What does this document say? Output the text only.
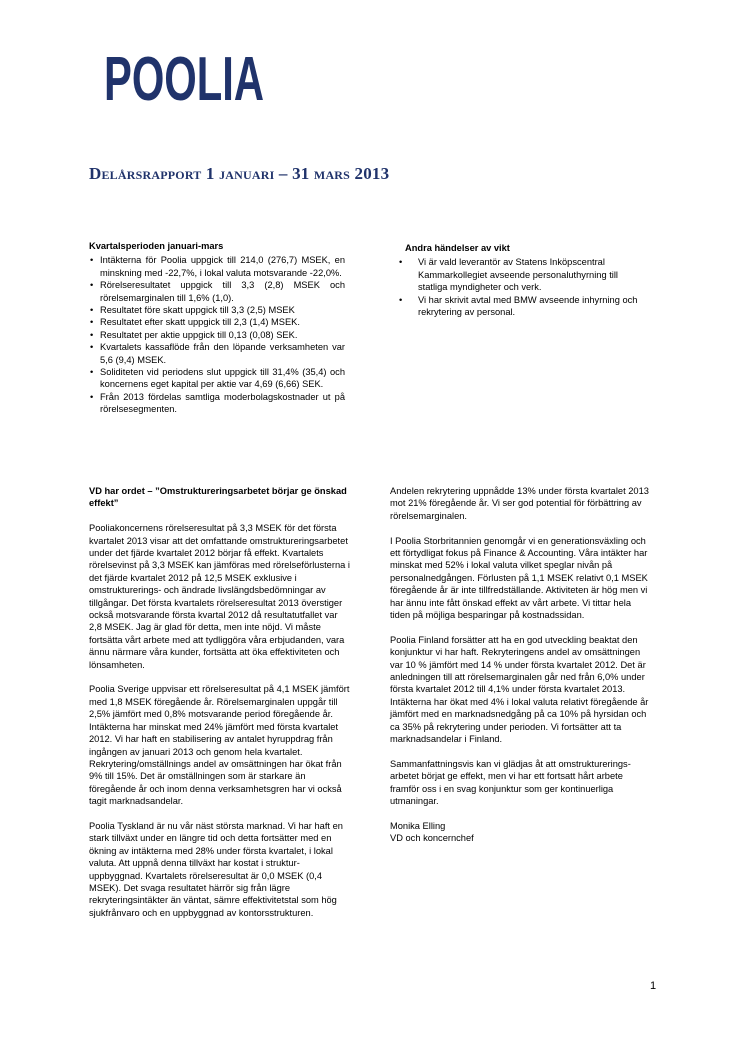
POOLIA
Delårsrapport 1 januari – 31 mars 2013
Kvartalsperioden januari-mars
• Intäkterna för Poolia uppgick till 214,0 (276,7) MSEK, en minskning med -22,7%, i lokal valuta motsvarande -22,0%.
• Rörelseresultatet uppgick till 3,3 (2,8) MSEK och rörelsemarginalen till 1,6% (1,0).
• Resultatet före skatt uppgick till 3,3 (2,5) MSEK
• Resultatet efter skatt uppgick till 2,3 (1,4) MSEK.
• Resultatet per aktie uppgick till 0,13 (0,08) SEK.
• Kvartalets kassaflöde från den löpande verksamheten var 5,6 (9,4) MSEK.
• Soliditeten vid periodens slut uppgick till 31,4% (35,4) och koncernens eget kapital per aktie var 4,69 (6,66) SEK.
• Från 2013 fördelas samtliga moderbolagskostnader ut på rörelsesegmenten.
Andra händelser av vikt
• Vi är vald leverantör av Statens Inköpscentral Kammarkollegiet avseende personaluthyrning till statliga myndigheter och verk.
• Vi har skrivit avtal med BMW avseende inhyrning och rekrytering av personal.
VD har ordet – ”Omstruktureringsarbetet börjar ge önskad effekt”

Pooliakoncernens rörelseresultat på 3,3 MSEK för det första kvartalet 2013 visar att det omfattande omstruktureringsarbetet under det fjärde kvartalet 2012 börjar få effekt. Kvartalets rörelsevinst på 3,3 MSEK kan jämföras med rörelseförlusterna i det fjärde kvartalet 2012 på 12,5 MSEK exklusive i omstrukturerings- och ändrade livslängdsbedömningar av tillgångar. Det första kvartalets rörelseresultat 2013 överstiger också motsvarande första kvartal 2012 då resultatutfallet var 2,8 MSEK. Jag är glad för detta, men inte nöjd. Vi måste fortsätta vårt arbete med att tydliggöra våra erbjudanden, vara ännu närmare våra kunder, fortsätta att öka effektiviteten och lönsamheten.

Poolia Sverige uppvisar ett rörelseresultat på 4,1 MSEK jämfört med 1,8 MSEK föregående år. Rörelsemarginalen uppgår till 2,5% jämfört med 0,8% motsvarande period föregående år. Intäkterna har minskat med 24% jämfört med första kvartalet 2012. Vi har haft en stabilisering av antalet hyruppdrag från ingången av januari 2013 och genom hela kvartalet. Rekrytering/omställnings andel av omsättningen har ökat från 9% till 15%. Det är omställningen som är starkare än föregående år och inom denna verksamhetsgren har vi också tagit marknadsandelar.

Poolia Tyskland är nu vår näst största marknad. Vi har haft en stark tillväxt under en längre tid och detta fortsätter med en ökning av intäkterna med 28% under första kvartalet, i lokal valuta. Att uppnå denna tillväxt har kostat i struktur-uppbyggnad. Kvartalets rörelseresultat är 0,0 MSEK (0,4 MSEK). Det svaga resultatet härrör sig från lägre rekryteringsintäkter än väntat, sämre effektivitetstal som hög sjukfrånvaro och en uppbyggnad av kontorsstrukturen.

Andelen rekrytering uppnådde 13% under första kvartalet 2013 mot 21% föregående år. Vi ser god potential för förbättring av rörelsemarginalen.

I Poolia Storbritannien genomgår vi en generationsväxling och ett förtydligat fokus på Finance & Accounting. Våra intäkter har minskat med 52% i lokal valuta vilket speglar nivån på personalnedgången. Förlusten på 1,1 MSEK relativt 0,1 MSEK föregående år är inte tillfredställande. Aktiviteten är hög men vi har ännu inte fått önskad effekt av vårt arbete. Vi tittar hela tiden på möjliga besparingar på kostnadssidan.

Poolia Finland forsätter att ha en god utveckling beaktat den konjunktur vi har haft. Rekryteringens andel av omsättningen var 10 % jämfört med 14 % under första kvartalet 2012. Det är anledningen till att rörelsemarginalen går ned från 6,0% under första kvartalet 2012 till 4,1% under första kvartalet 2013. Intäkterna har ökat med 4% i lokal valuta relativt föregående år jämfört med en marknadsnedgång på ca 10% på hyrsidan och ca 35% på rekrytering under perioden. Vi fortsätter att ta marknadsandelar i Finland.

Sammanfattningsvis kan vi glädjas åt att omstrukturerings-arbetet börjat ge effekt, men vi har ett fortsatt hårt arbete framför oss i en svag konjunktur som ger kontinuerliga utmaningar.

Monika Elling
VD och koncernchef
1
